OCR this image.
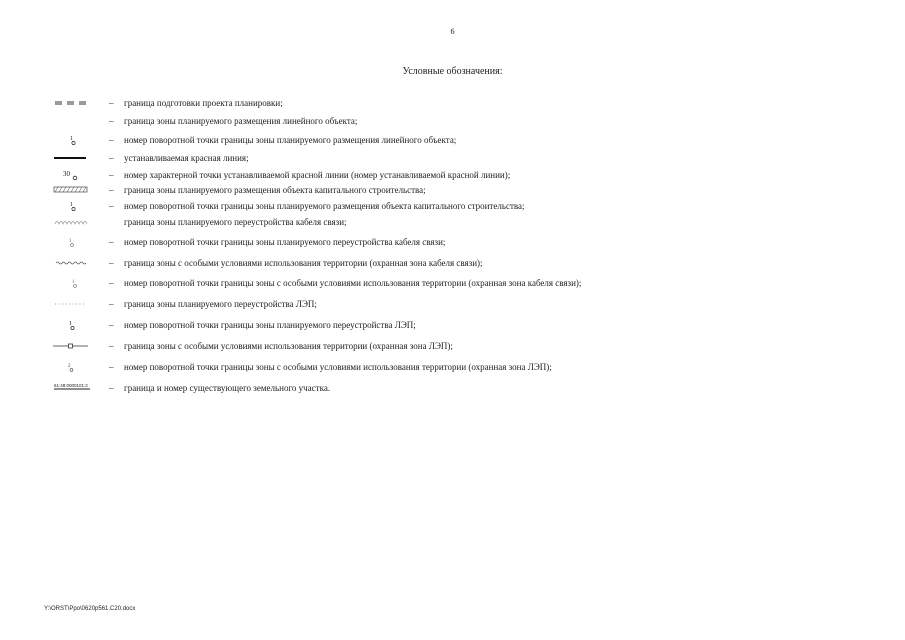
6
Условные обозначения:
– граница подготовки проекта планировки;
– граница зоны планируемого размещения линейного объекта;
1	– номер поворотной точки границы зоны планируемого размещения линейного объекта;
– устанавливаемая красная линия;
30	– номер характерной точки устанавливаемой красной линии (номер устанавливаемой красной линии);
– граница зоны планируемого размещения объекта капитального строительства;
1	– номер поворотной точки границы зоны планируемого размещения объекта капитального строительства;
граница зоны планируемого переустройства кабеля связи;
1	– номер поворотной точки границы зоны планируемого переустройства кабеля связи;
– граница зоны с особыми условиями использования территории (охранная зона кабеля связи);
1	– номер поворотной точки границы зоны с особыми условиями использования территории (охранная зона кабеля связи);
– граница зоны планируемого переустройства ЛЭП;
1	– номер поворотной точки границы зоны планируемого переустройства ЛЭП;
– граница зоны с особыми условиями использования территории (охранная зона ЛЭП);
2	– номер поворотной точки границы зоны с особыми условиями использования территории (охранная зона ЛЭП);
61:48:0000101:2 – граница и номер существующего земельного участка.
Y:\ORST\Ppo\0620p561.C20.docx
